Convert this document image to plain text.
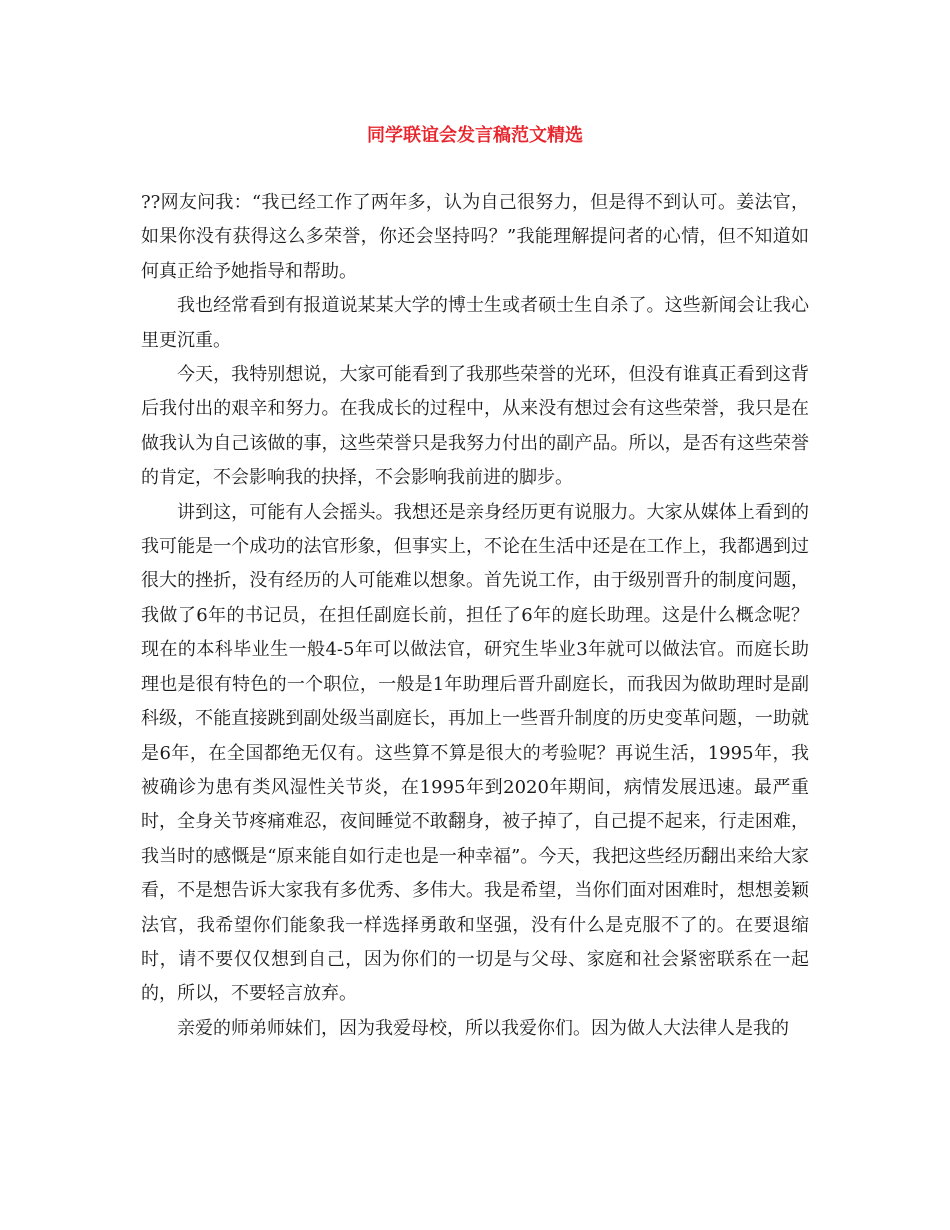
同学联谊会发言稿范文精选

??网友问我：“我已经工作了两年多，认为自己很努力，但是得不到认可。姜法官，如果你没有获得这么多荣誉，你还会坚持吗？”我能理解提问者的心情，但不知道如何真正给予她指导和帮助。

我也经常看到有报道说某某大学的博士生或者硕士生自杀了。这些新闻会让我心里更沉重。

今天，我特别想说，大家可能看到了我那些荣誉的光环，但没有谁真正看到这背后我付出的艰辛和努力。在我成长的过程中，从来没有想过会有这些荣誉，我只是在做我认为自己该做的事，这些荣誉只是我努力付出的副产品。所以，是否有这些荣誉的肯定，不会影响我的抉择，不会影响我前进的脚步。

讲到这，可能有人会摇头。我想还是亲身经历更有说服力。大家从媒体上看到的我可能是一个成功的法官形象，但事实上，不论在生活中还是在工作上，我都遇到过很大的挫折，没有经历的人可能难以想象。首先说工作，由于级别晋升的制度问题，我做了6年的书记员，在担任副庭长前，担任了6年的庭长助理。这是什么概念呢？现在的本科毕业生一般4-5年可以做法官，研究生毕业3年就可以做法官。而庭长助理也是很有特色的一个职位，一般是1年助理后晋升副庭长，而我因为做助理时是副科级，不能直接跳到副处级当副庭长，再加上一些晋升制度的历史变革问题，一助就是6年，在全国都绝无仅有。这些算不算是很大的考验呢？再说生活，1995年，我被确诊为患有类风湿性关节炎，在1995年到2020年期间，病情发展迅速。最严重时，全身关节疼痛难忍，夜间睡觉不敢翻身，被子掉了，自己提不起来，行走困难，我当时的感慨是“原来能自如行走也是一种幸福”。今天，我把这些经历翻出来给大家看，不是想告诉大家我有多优秀、多伟大。我是希望，当你们面对困难时，想想姜颖法官，我希望你们能象我一样选择勇敢和坚强，没有什么是克服不了的。在要退缩时，请不要仅仅想到自己，因为你们的一切是与父母、家庭和社会紧密联系在一起的，所以，不要轻言放弃。

亲爱的师弟师妹们，因为我爱母校，所以我爱你们。因为做人大法律人是我的
